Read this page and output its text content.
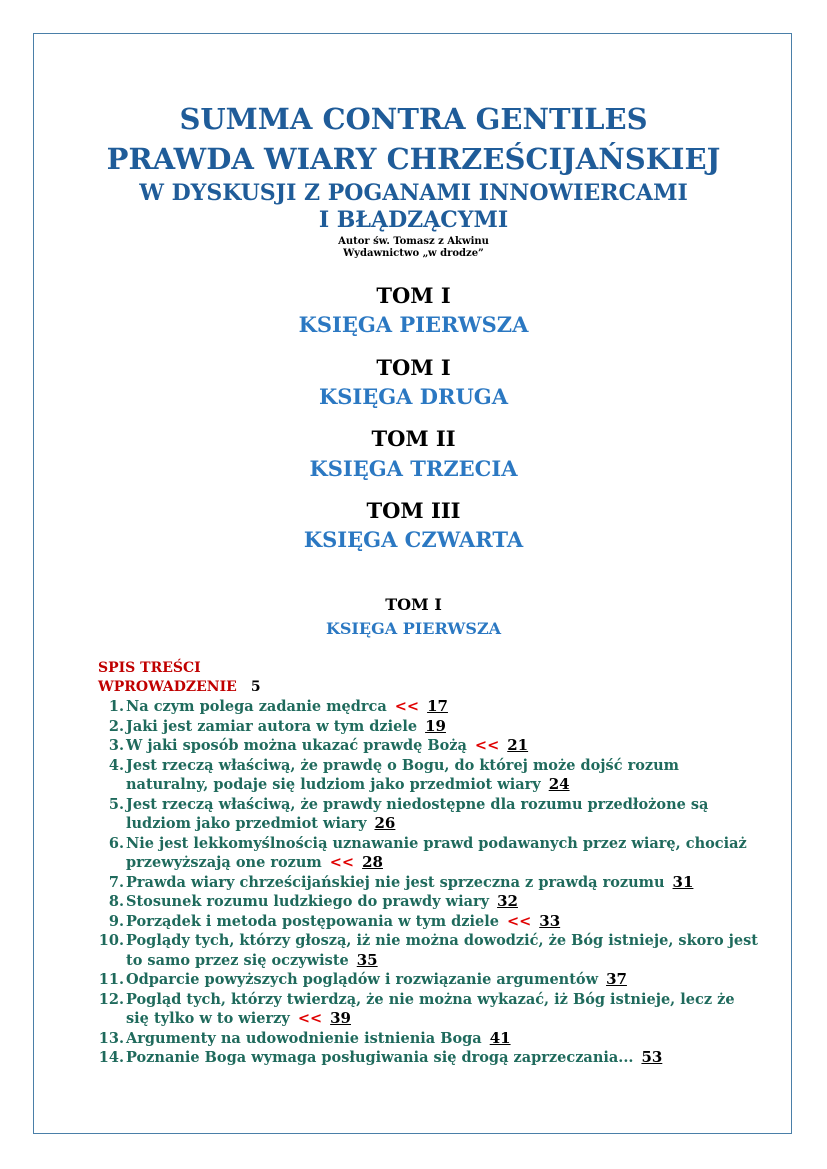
SUMMA CONTRA GENTILES
PRAWDA WIARY CHRZEŚCIJAŃSKIEJ
W DYSKUSJI Z POGANAMI INNOWIERCAMI
I BŁĄDZĄCYMI
Autor św. Tomasz z Akwinu
Wydawnictwo „w drodze”
TOM I
KSIĘGA PIERWSZA
TOM I
KSIĘGA DRUGA
TOM II
KSIĘGA TRZECIA
TOM III
KSIĘGA CZWARTA
TOM I
KSIĘGA PIERWSZA
SPIS TREŚCI
WPROWADZENIE 5
1. Na czym polega zadanie mędrca << 17
2. Jaki jest zamiar autora w tym dziele 19
3. W jaki sposób można ukazać prawdę Bożą << 21
4. Jest rzeczą właściwą, że prawdę o Bogu, do której może dojść rozum naturalny, podaje się ludziom jako przedmiot wiary 24
5. Jest rzeczą właściwą, że prawdy niedostępne dla rozumu przedłożone są ludziom jako przedmiot wiary 26
6. Nie jest lekkomyślnością uznawanie prawd podawanych przez wiarę, chociaż przewyższają one rozum << 28
7. Prawda wiary chrześcijańskiej nie jest sprzeczna z prawdą rozumu 31
8. Stosunek rozumu ludzkiego do prawdy wiary 32
9. Porządek i metoda postępowania w tym dziele << 33
10. Poglądy tych, którzy głoszą, iż nie można dowodzić, że Bóg istnieje, skoro jest to samo przez się oczywiste 35
11. Odparcie powyższych poglądów i rozwiązanie argumentów 37
12. Pogląd tych, którzy twierdzą, że nie można wykazać, iż Bóg istnieje, lecz że się tylko w to wierzy << 39
13. Argumenty na udowodnienie istnienia Boga 41
14. Poznanie Boga wymaga posługiwania się drogą zaprzeczania... 53
